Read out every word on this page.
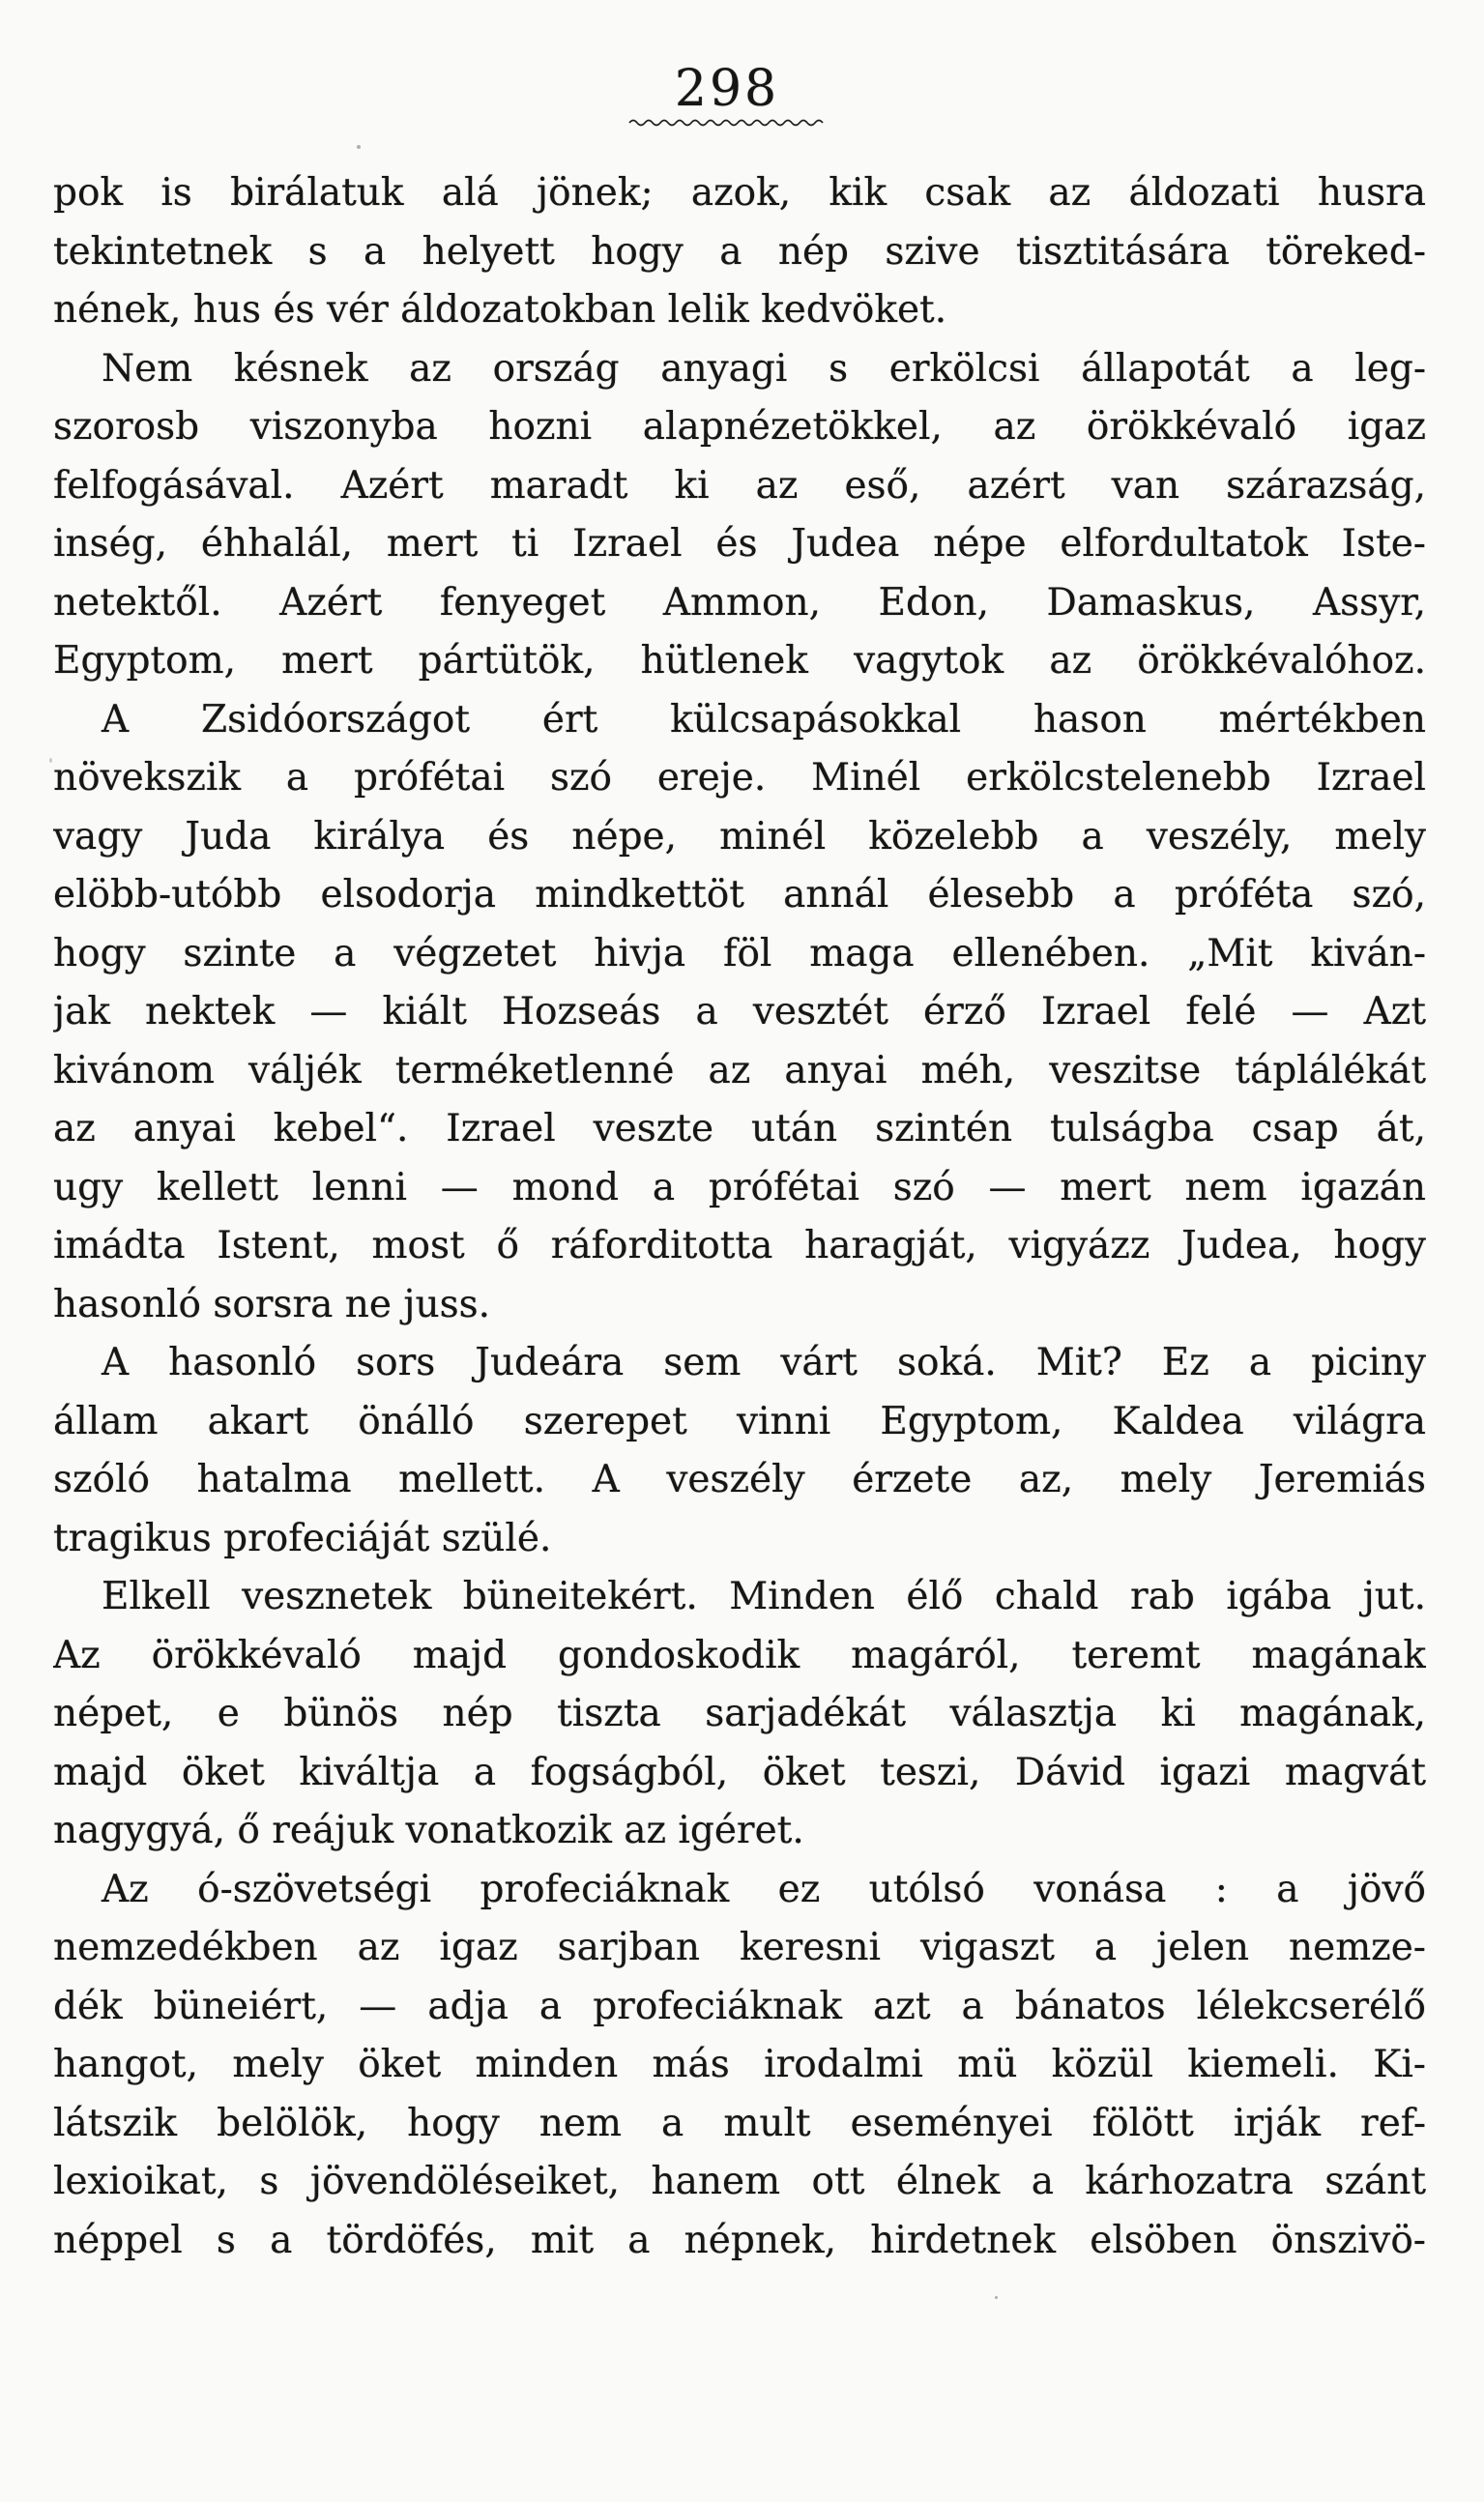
298
pok is birálatuk alá jönek; azok, kik csak az áldozati husra
tekintetnek s a helyett hogy a nép szive tisztitására töreked-
nének, hus és vér áldozatokban lelik kedvöket.
Nem késnek az ország anyagi s erkölcsi állapotát a leg-
szorosb viszonyba hozni alapnézetökkel, az örökkévaló igaz
felfogásával. Azért maradt ki az eső, azért van szárazság,
inség, éhhalál, mert ti Izrael és Judea népe elfordultatok Iste-
netektől. Azért fenyeget Ammon, Edon, Damaskus, Assyr,
Egyptom, mert pártütök, hütlenek vagytok az örökkévalóhoz.
A Zsidóországot ért külcsapásokkal hason mértékben
növekszik a prófétai szó ereje. Minél erkölcstelenebb Izrael
vagy Juda királya és népe, minél közelebb a veszély, mely
elöbb-utóbb elsodorja mindkettöt annál élesebb a próféta szó,
hogy szinte a végzetet hivja föl maga ellenében. „Mit kiván-
jak nektek — kiált Hozseás a vesztét érző Izrael felé — Azt
kivánom váljék terméketlenné az anyai méh, veszitse táplálékát
az anyai kebel“. Izrael veszte után szintén tulságba csap át,
ugy kellett lenni — mond a prófétai szó — mert nem igazán
imádta Istent, most ő ráforditotta haragját, vigyázz Judea, hogy
hasonló sorsra ne juss.
A hasonló sors Judeára sem várt soká. Mit? Ez a piciny
állam akart önálló szerepet vinni Egyptom, Kaldea világra
szóló hatalma mellett. A veszély érzete az, mely Jeremiás
tragikus profeciáját szülé.
Elkell vesznetek büneitekért. Minden élő chald rab igába jut.
Az örökkévaló majd gondoskodik magáról, teremt magának
népet, e bünös nép tiszta sarjadékát választja ki magának,
majd öket kiváltja a fogságból, öket teszi, Dávid igazi magvát
nagygyá, ő reájuk vonatkozik az igéret.
Az ó-szövetségi profeciáknak ez utólsó vonása : a jövő
nemzedékben az igaz sarjban keresni vigaszt a jelen nemze-
dék büneiért, — adja a profeciáknak azt a bánatos lélekcserélő
hangot, mely öket minden más irodalmi mü közül kiemeli. Ki-
látszik belölök, hogy nem a mult eseményei fölött irják ref-
lexioikat, s jövendöléseiket, hanem ott élnek a kárhozatra szánt
néppel s a tördöfés, mit a népnek, hirdetnek elsöben önszivö-
